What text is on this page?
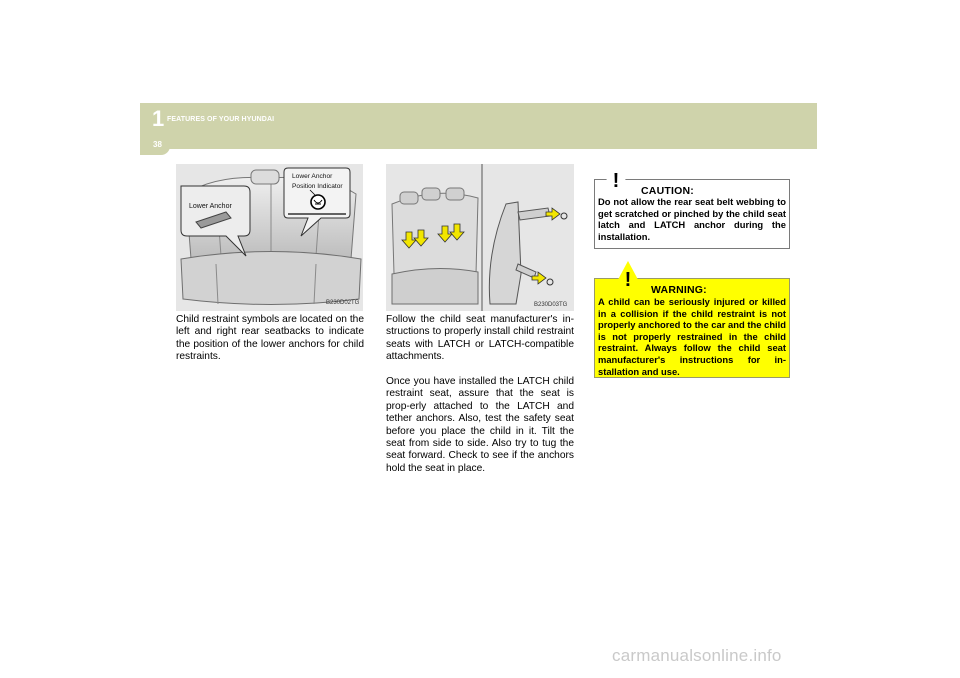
1 FEATURES OF YOUR HYUNDAI
38
Lower Anchor
Lower Anchor
Position Indicator
B230D02TG	B230D03TG

Child restraint symbols are located on the left and right rear seatbacks to indicate the position of the lower anchors for child restraints.

Follow the child seat manufacturer's in-structions to properly install child restraint seats with LATCH or LATCH-compatible attachments.

Once you have installed the LATCH child restraint seat, assure that the seat is prop-erly attached to the LATCH and tether anchors. Also, test the safety seat before you place the child in it. Tilt the seat from side to side. Also try to tug the seat forward. Check to see if the anchors hold the seat in place.

CAUTION:
Do not allow the rear seat belt webbing to get scratched or pinched by the child seat latch and LATCH anchor during the installation.
!
WARNING:
A child can be seriously injured or killed in a collision if the child restraint is not properly anchored to the car and the child is not properly restrained in the child restraint. Always follow the child seat manufacturer's instructions for in-stallation and use.
!
carmanualsonline.info
